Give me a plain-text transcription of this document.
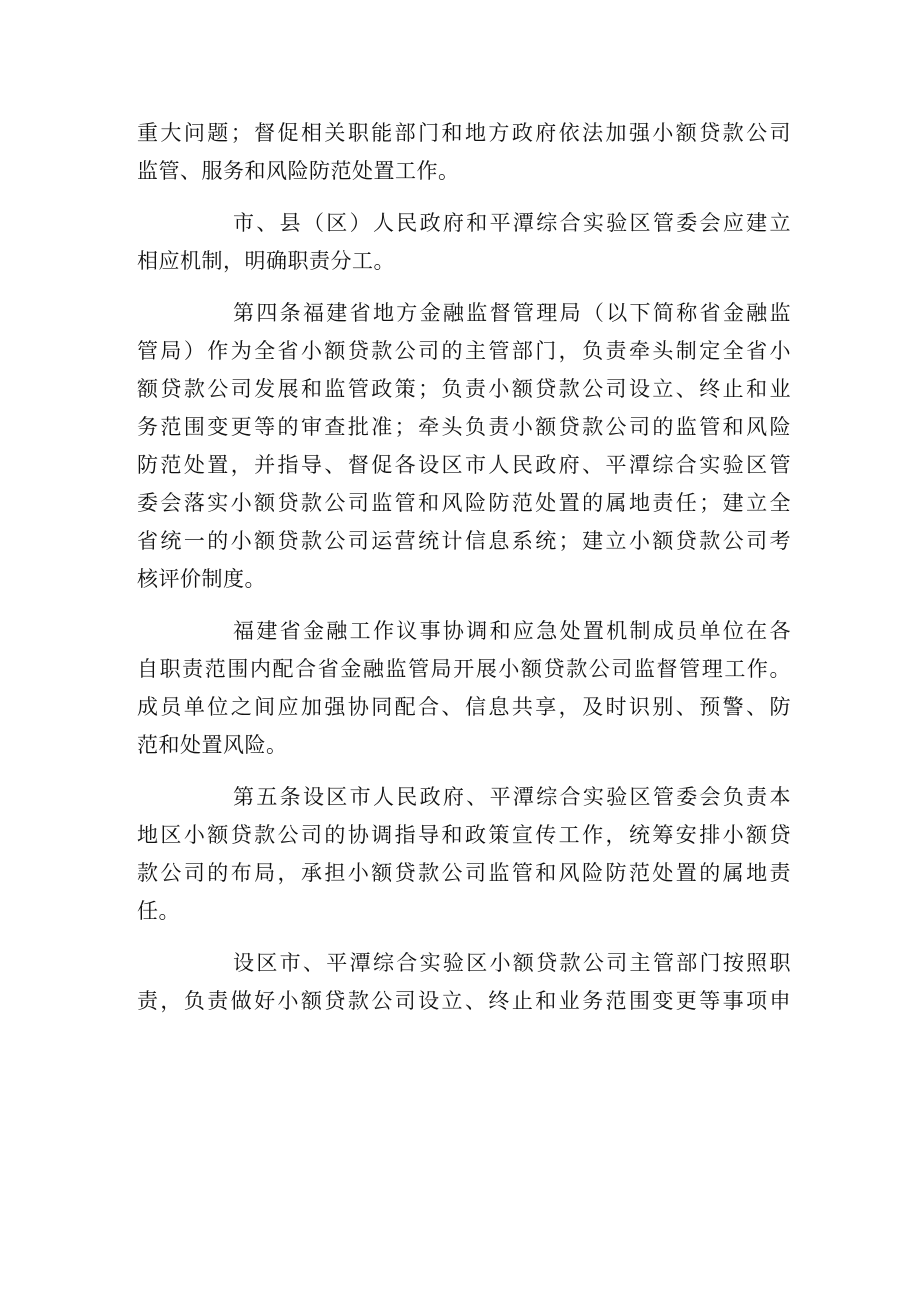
重大问题；督促相关职能部门和地方政府依法加强小额贷款公司
监管、服务和风险防范处置工作。
市、县（区）人民政府和平潭综合实验区管委会应建立
相应机制，明确职责分工。
第四条福建省地方金融监督管理局（以下简称省金融监
管局）作为全省小额贷款公司的主管部门，负责牵头制定全省小
额贷款公司发展和监管政策；负责小额贷款公司设立、终止和业
务范围变更等的审查批准；牵头负责小额贷款公司的监管和风险
防范处置，并指导、督促各设区市人民政府、平潭综合实验区管
委会落实小额贷款公司监管和风险防范处置的属地责任；建立全
省统一的小额贷款公司运营统计信息系统；建立小额贷款公司考
核评价制度。
福建省金融工作议事协调和应急处置机制成员单位在各
自职责范围内配合省金融监管局开展小额贷款公司监督管理工作。
成员单位之间应加强协同配合、信息共享，及时识别、预警、防
范和处置风险。
第五条设区市人民政府、平潭综合实验区管委会负责本
地区小额贷款公司的协调指导和政策宣传工作，统筹安排小额贷
款公司的布局，承担小额贷款公司监管和风险防范处置的属地责
任。
设区市、平潭综合实验区小额贷款公司主管部门按照职
责，负责做好小额贷款公司设立、终止和业务范围变更等事项申
